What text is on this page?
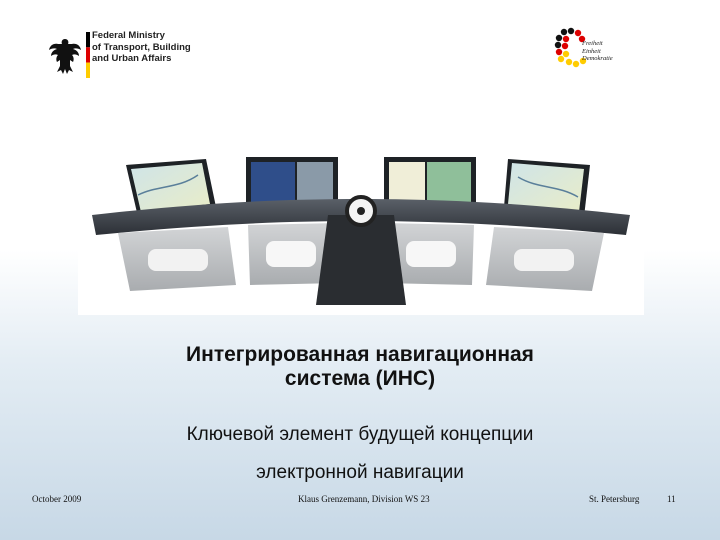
Federal Ministry
of Transport, Building
and Urban Affairs
Freiheit
Einheit
Demokratie
Интегрированная навигационная
система (ИНС)
Ключевой элемент будущей концепции
электронной навигации
October 2009	Klaus Grenzemann, Division WS 23	St. Petersburg	11
